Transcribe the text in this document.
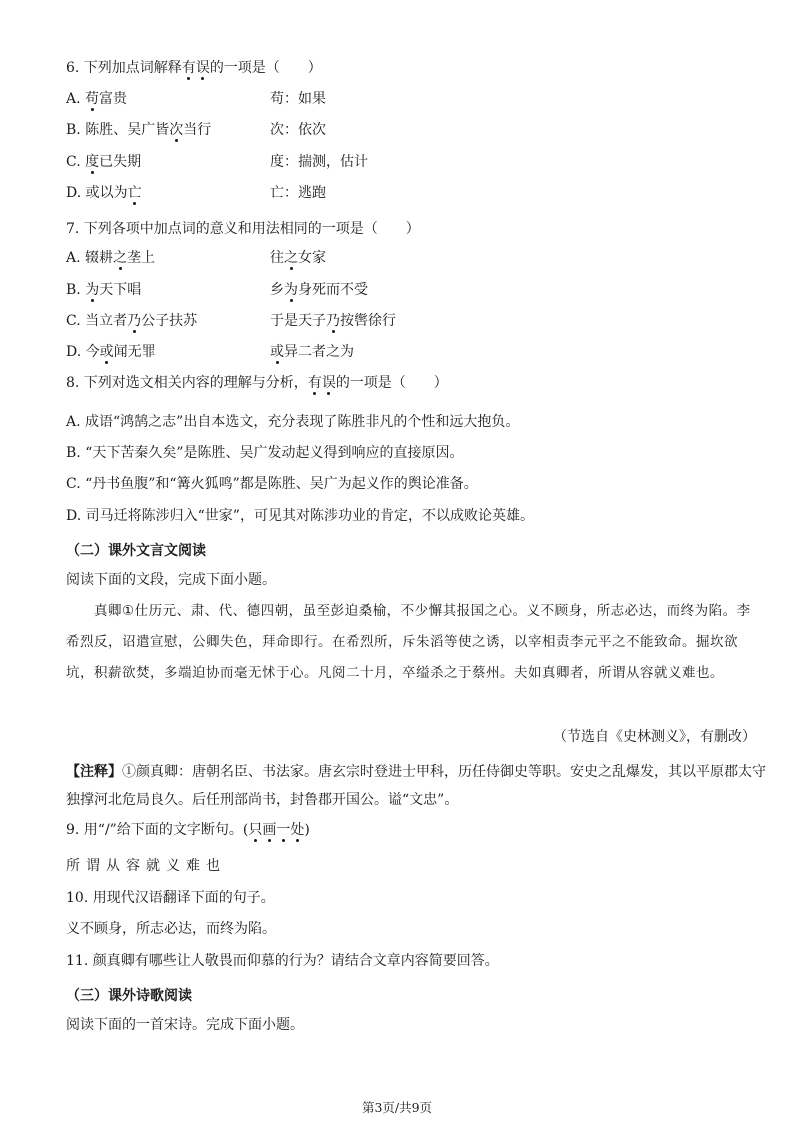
6. 下列加点词解释有误的一项是（　　）
A. 苟富贵	苟：如果
B. 陈胜、吴广皆次当行	次：依次
C. 度已失期	度：揣测，估计
D. 或以为亡	亡：逃跑
7. 下列各项中加点词的意义和用法相同的一项是（　　）
A. 辍耕之垄上	往之女家
B. 为天下唱	乡为身死而不受
C. 当立者乃公子扶苏	于是天子乃按辔徐行
D. 今或闻无罪	或异二者之为
8. 下列对选文相关内容的理解与分析，有误的一项是（　　）
A. 成语“鸿鹄之志”出自本选文，充分表现了陈胜非凡的个性和远大抱负。
B. “天下苦秦久矣”是陈胜、吴广发动起义得到响应的直接原因。
C. “丹书鱼腹”和“篝火狐鸣”都是陈胜、吴广为起义作的舆论准备。
D. 司马迁将陈涉归入“世家”，可见其对陈涉功业的肯定，不以成败论英雄。
（二）课外文言文阅读
阅读下面的文段，完成下面小题。
真卿①仕历元、肃、代、德四朝，虽至彭迫桑榆，不少懈其报国之心。义不顾身，所志必达，而终为陷。李希烈反，诏遣宣慰，公卿失色，拜命即行。在希烈所，斥朱滔等使之诱，以宰相责李元平之不能致命。掘坎欲坑，积薪欲焚，多端迫协而毫无怵于心。凡阅二十月，卒缢杀之于蔡州。夫如真卿者，所谓从容就义难也。
（节选自《史林测义》，有删改）
【注释】①颜真卿：唐朝名臣、书法家。唐玄宗时登进士甲科，历任侍御史等职。安史之乱爆发，其以平原郡太守独撑河北危局良久。后任刑部尚书，封鲁郡开国公。谥“文忠”。
9. 用“/”给下面的文字断句。(只画一处)
所谓从容就义难也
10. 用现代汉语翻译下面的句子。
义不顾身，所志必达，而终为陷。
11. 颜真卿有哪些让人敬畏而仰慕的行为？请结合文章内容简要回答。
（三）课外诗歌阅读
阅读下面的一首宋诗。完成下面小题。
第3页/共9页
